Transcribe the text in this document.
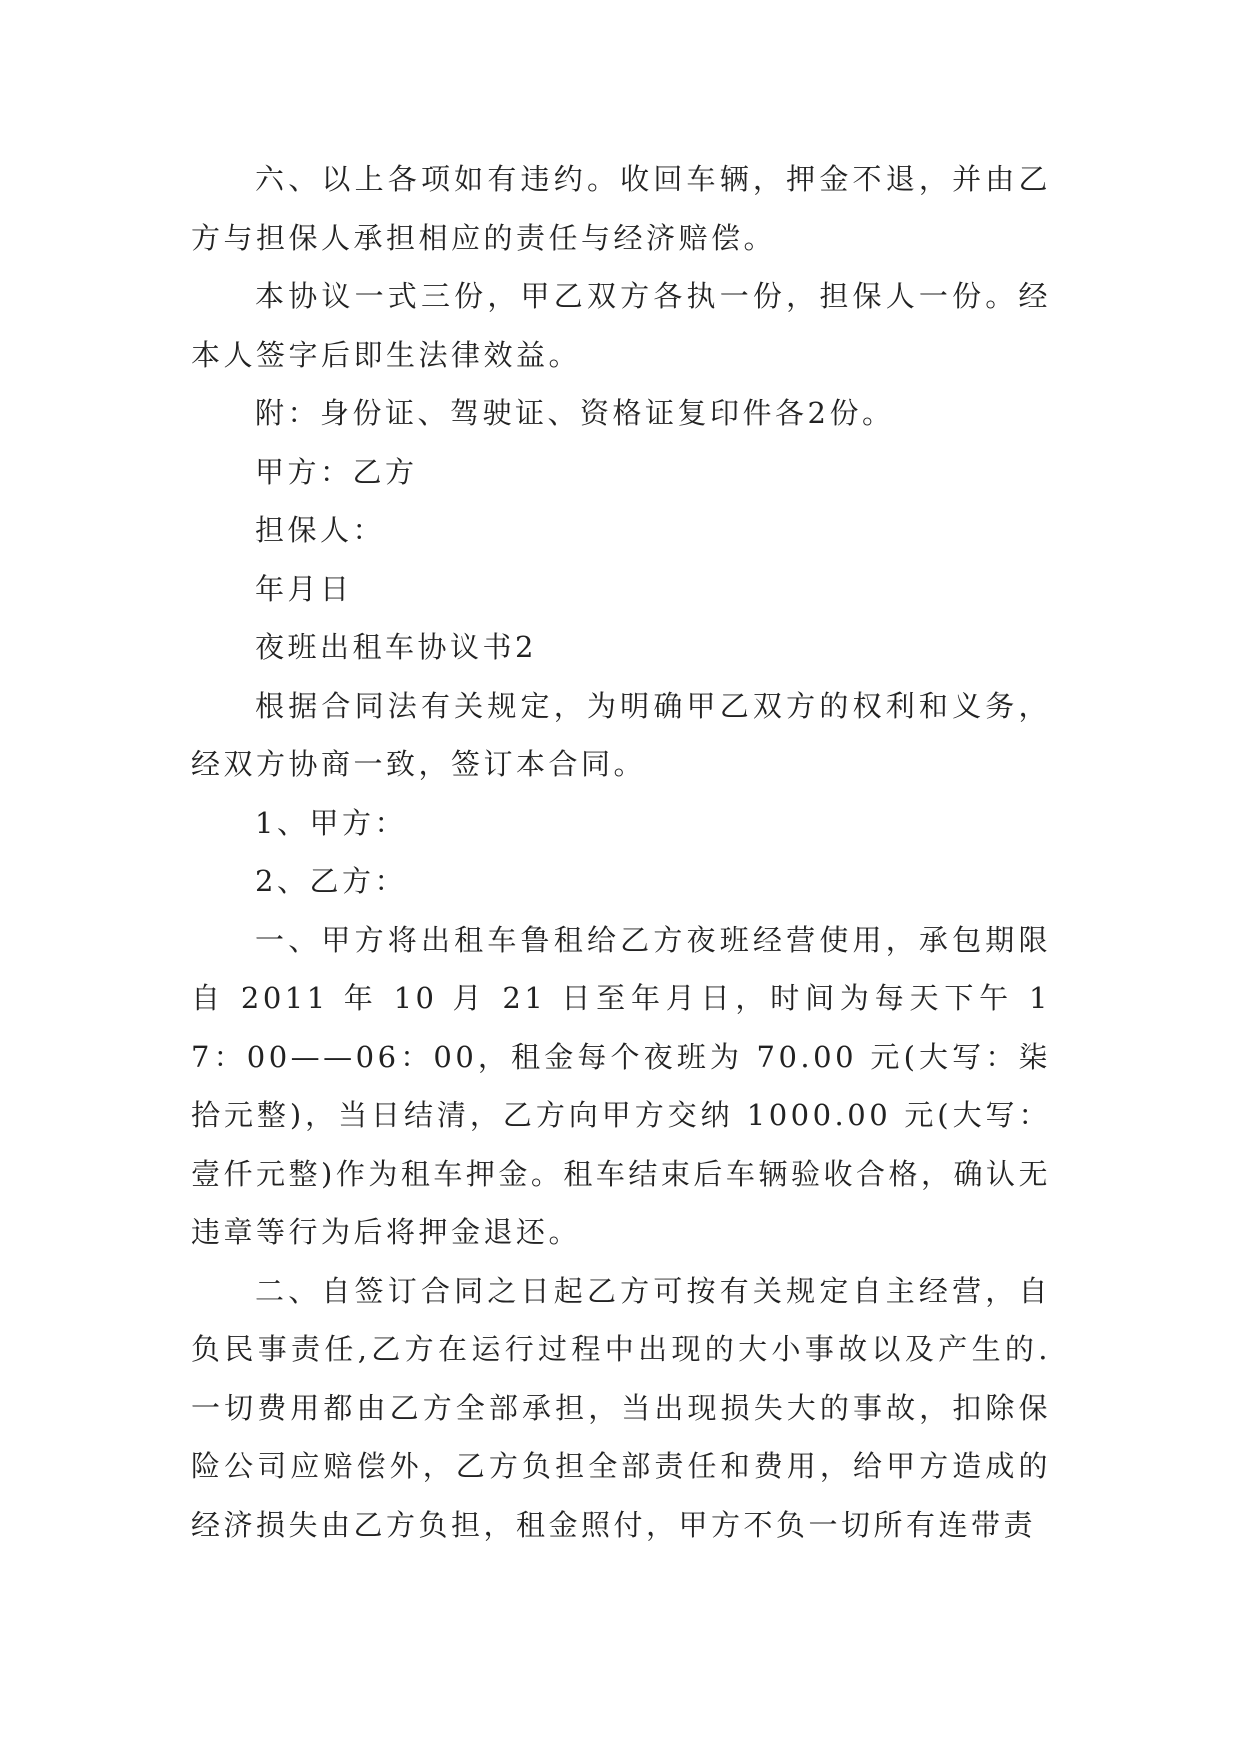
六、以上各项如有违约。收回车辆，押金不退，并由乙方与担保人承担相应的责任与经济赔偿。

本协议一式三份，甲乙双方各执一份，担保人一份。经本人签字后即生法律效益。

附：身份证、驾驶证、资格证复印件各2份。

甲方：乙方

担保人：

年月日

夜班出租车协议书2

根据合同法有关规定，为明确甲乙双方的权利和义务，经双方协商一致，签订本合同。

1、甲方：

2、乙方：

一、甲方将出租车鲁租给乙方夜班经营使用，承包期限自 2011 年 10 月 21 日至年月日，时间为每天下午 17：00——06：00，租金每个夜班为 70.00 元(大写：柒拾元整)，当日结清，乙方向甲方交纳 1000.00 元(大写：壹仟元整)作为租车押金。租车结束后车辆验收合格，确认无违章等行为后将押金退还。

二、自签订合同之日起乙方可按有关规定自主经营，自负民事责任,乙方在运行过程中出现的大小事故以及产生的.一切费用都由乙方全部承担，当出现损失大的事故，扣除保险公司应赔偿外，乙方负担全部责任和费用，给甲方造成的经济损失由乙方负担，租金照付，甲方不负一切所有连带责
